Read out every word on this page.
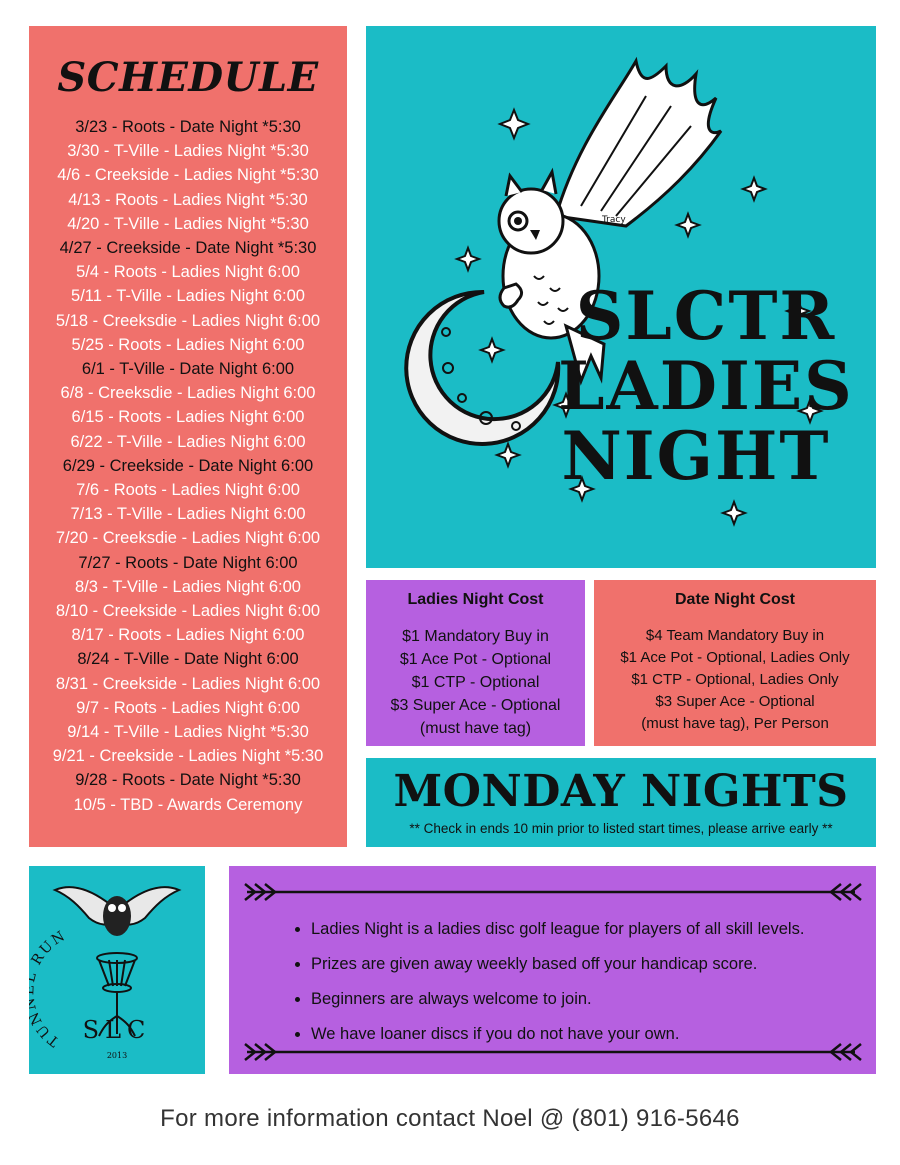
SCHEDULE
3/23 - Roots - Date Night *5:30
3/30 - T-Ville - Ladies Night *5:30
4/6 - Creekside - Ladies Night *5:30
4/13 - Roots - Ladies Night *5:30
4/20 - T-Ville - Ladies Night *5:30
4/27 - Creekside - Date Night *5:30
5/4 - Roots - Ladies Night 6:00
5/11 - T-Ville - Ladies Night 6:00
5/18 - Creeksdie - Ladies Night 6:00
5/25 - Roots - Ladies Night 6:00
6/1 - T-Ville - Date Night 6:00
6/8 - Creeksdie - Ladies Night 6:00
6/15 - Roots - Ladies Night 6:00
6/22 - T-Ville - Ladies Night 6:00
6/29 - Creekside - Date Night 6:00
7/6 - Roots - Ladies Night 6:00
7/13 - T-Ville - Ladies Night 6:00
7/20 - Creeksdie - Ladies Night 6:00
7/27 - Roots - Date Night 6:00
8/3 - T-Ville - Ladies Night 6:00
8/10 - Creekside - Ladies Night 6:00
8/17 - Roots - Ladies Night 6:00
8/24 - T-Ville - Date Night 6:00
8/31 - Creekside - Ladies Night 6:00
9/7 - Roots - Ladies Night 6:00
9/14 - T-Ville - Ladies Night *5:30
9/21 - Creekside - Ladies Night *5:30
9/28 - Roots - Date Night *5:30
10/5 - TBD - Awards Ceremony
Tracy
SLCTR
LADIES
NIGHT
Ladies Night Cost
$1 Mandatory Buy in
$1 Ace Pot - Optional
$1 CTP - Optional
$3 Super Ace - Optional
(must have tag)
Date Night Cost
$4 Team Mandatory Buy in
$1 Ace Pot - Optional, Ladies Only
$1 CTP - Optional, Ladies Only
$3 Super Ace - Optional
(must have tag), Per Person
MONDAY NIGHTS
** Check in ends 10 min prior to listed start times, please arrive early **
TU RUN
SLC
2013
• Ladies Night is a ladies disc golf league for players of all skill levels.
• Prizes are given away weekly based off your handicap score.
• Beginners are always welcome to join.
• We have loaner discs if you do not have your own.
For more information contact Noel @ (801) 916-5646
